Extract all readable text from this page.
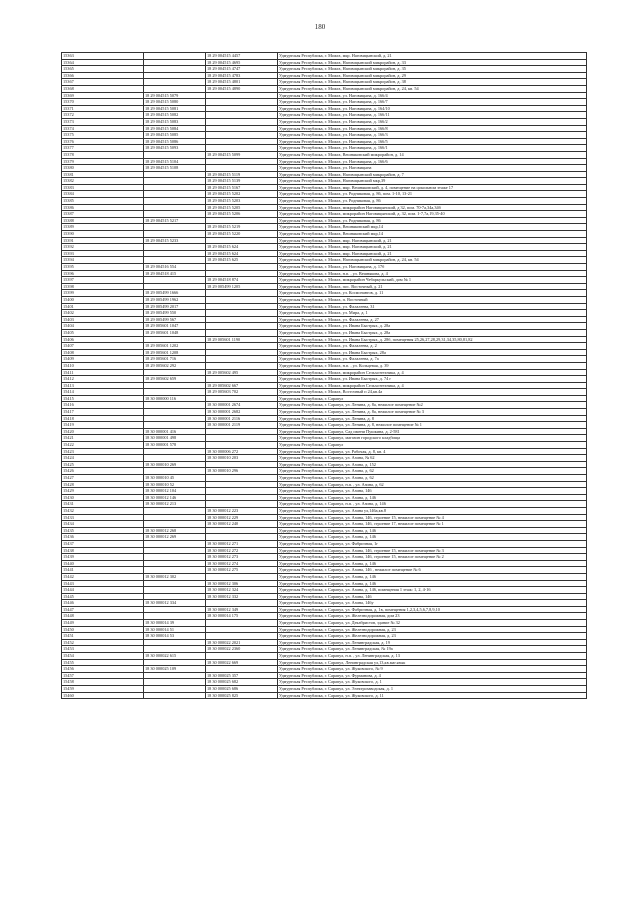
180
15363		18 29 004515 4457	Удмуртская Республика, г. Можга, мкр. Наговицынский, д. 21
15364		18 29 004515 4695	Удмуртская Республика, г. Можга, Наговицынский микрорайон, д. 33
15365		18 29 004515 4747	Удмуртская Республика, г. Можга, Наговицынский микрорайон, д. 35
15366		18 29 004515 4783	Удмуртская Республика, г. Можга, Наговицынский микрорайон, д. 29
15367		18 29 004515 4801	Удмуртская Республика, г. Можга, Наговицынский микрорайон, д. 38
15368		18 29 004515 4890	Удмуртская Республика, г. Можга, Наговицынский микрорайон, д. 24, кв. 54
15369	18 29 004515 5079		Удмуртская Республика, г. Можга, ул. Наговицына, д. 166/4
15370	18 29 004515 5080		Удмуртская Республика, г. Можга, ул. Наговицына, д. 166/7
15371	18 29 004515 5081		Удмуртская Республика, г. Можга, ул. Наговицына, д. 164/10
15372	18 29 004515 5082		Удмуртская Республика, г. Можга, ул. Наговицына, д. 166/11
15373	18 29 004515 5083		Удмуртская Республика, г. Можга, ул. Наговицына, д. 166/2
15374	18 29 004515 5084		Удмуртская Республика, г. Можга, ул. Наговицына, д. 166/8
15375	18 29 004515 5085		Удмуртская Республика, г. Можга, ул. Наговицына, д. 166/3
15376	18 29 004515 5086		Удмуртская Республика, г. Можга, ул. Наговицына, д. 166/5
15377	18 29 004515 5093		Удмуртская Республика, г. Можга, ул. Наговицына, д. 166/1
15378		18 29 004515 5099	Удмуртская Республика, г. Можга, Вешняковский микрорайон, д. 14
15379	18 29 004515 5104		Удмуртская Республика, г. Можга, ул. Наговицына, д. 166/6
15380	18 29 004515 5108		Удмуртская Республика, г. Можга, ул. Наговицына
15381		18 29 004515 5119	Удмуртская Республика, г. Можга, Наговицынский микрорайон, д. 7
15382		18 29 004515 5139	Удмуртская Республика, г. Можга, Наговицынский мкр,39
15383		18 29 004515 5167	Удмуртская Республика, г. Можга, мкр. Вешняковский, д. 4, помещение на цокольном этаже 17
15384		18 29 004515 5202	Удмуртская Республика, г. Можга, ул. Родниковая, д. 86, пом. 1-10, 13-21
15385		18 29 004515 5203	Удмуртская Республика, г. Можга, ул. Родниковая, д. 86
15386		18 29 004515 5205	Удмуртская Республика, г. Можга, микрорайон Наговицынский, д 32, пом. 70-7а,34а,34б
15387		18 29 004515 5206	Удмуртская Республика, г. Можга, микрорайон Наговицынский, д. 32, пом. 1-7,7а,19,35-40
15388	18 29 004515 5217		Удмуртская Республика, г. Можга, ул. Родниковая, д. 86
15389		18 29 004515 5219	Удмуртская Республика, г. Можга, Вешняковский мкр,14
15390		18 29 004515 5220	Удмуртская Республика, г. Можга, Вешняковский мкр,14
15391	18 29 004515 5233		Удмуртская Республика, г. Можга, мкр. Наговицынский, д. 21
15392		18 29 004515 624	Удмуртская Республика, г. Можга, мкр. Наговицынский, д. 21
15393		18 29 004515 624	Удмуртская Республика, г. Можга, мкр. Наговицынский, д. 21
15394		18 29 004515 625	Удмуртская Республика, г. Можга, Наговицынский микрорайон, д. 24, кв. 54
15395	18 29 004516 554		Удмуртская Республика, г. Можга, ул. Наговицына, д. 17б
15396	18 29 004518 415		Удмуртская Республика, г. Можга, н.п. , ул. Вешнякова, д. 4
15397		18 29 004518 874	Удмуртская Республика, г. Можга, микрорайон Чебаркульский, дом № 1
15398		18 29 005499 1205	Удмуртская Республика, г. Можга, пос. Восточный, д. 21
15399	18 29 005499 1666		Удмуртская Республика, г. Можга, ул. Космонавтов, д. 11
15400	18 29 005499 1962		Удмуртская Республика, г. Можга, п. Восточный
15401	18 29 005499 2017		Удмуртская Республика, г. Можга, ул. Фалалеева, 31
15402	18 29 005499 550		Удмуртская Республика, г. Можга, ул. Мира, д. 1
15403	18 29 005499 567		Удмуртская Республика, г. Можга, ул. Фалалеева, д. 27
15404	18 29 005601 1047		Удмуртская Республика, г. Можга, ул. Ивана Быстрых, д. 28а
15405	18 29 005601 1048		Удмуртская Республика, г. Можга, ул. Ивана Быстрых, д. 28а
15406		18 29 005601 1190	Удмуртская Республика, г. Можга, ул. Ивана Быстрых, д. 28б, помещения 25,26,27,28,29,31,34,35,80,81,82
15407	18 29 005601 1202		Удмуртская Республика, г. Можга, ул. Фалалеева, д. 2
15408	18 29 005601 1208		Удмуртская Республика, г. Можга, ул. Ивана Быстрых, 28а
15409	18 29 005601 716		Удмуртская Республика, г. Можга, ул. Фалалеева, д. 7а
15410	18 29 005602 292		Удмуртская Республика, г. Можга, н.п. , ул. Кольцевая, д. 39
15411		18 29 005602 495	Удмуртская Республика, г. Можга, микрорайон Сельхозтехника, д. 4
15412	18 29 005602 659		Удмуртская Республика, г. Можга, ул. Ивана Быстрых, д. 74 г
15413		18 29 005602 667	Удмуртская Республика, г. Можга, микрорайон Сельхозтехника, д. 4
15414		18 29 005603 702	Удмуртская Республика, г. Можга, Восточный п 24,кв.4а
15415	18 30 000000 116		Удмуртская Республика, г. Сарапул
15416		18 30 000001 2674	Удмуртская Республика, г. Сарапул, ул. Ленина, д. 8а, нежилое помещение №2
15417		18 30 000001 2682	Удмуртская Республика, г. Сарапул, ул. Ленина, д. 8а, нежилое помещение № 3
15418		18 30 000001 2116	Удмуртская Республика, г. Сарапул, ул. Ленина, д. 8
15419		18 30 000001 2119	Удмуртская Республика, г. Сарапул, ул. Ленина, д. 8, нежилое помещение № 1
15420	18 30 000001 416		Удмуртская Республика, г. Сарапул, Сад имени Пушкина, д. 2-581
15421	18 30 000001 498		Удмуртская Республика, г. Сарапул, магазин городского кладбища
15422	18 30 000001 578		Удмуртская Республика, г. Сарапул
15423		18 30 000006 272	Удмуртская Республика, г. Сарапул, ул. Рабочая, д. 8, кв. 4
15424		18 30 000010 203	Удмуртская Республика, г. Сарапул, ул. Азина, № 62
15425	18 30 000010 269		Удмуртская Республика, г. Сарапул, ул. Азина, д. 152
15426		18 30 000010 296	Удмуртская Республика, г. Сарапул, ул. Азина, д. 62
15427	18 30 000010 45		Удмуртская Республика, г. Сарапул, ул. Азина, д. 62
15428	18 30 000010 52		Удмуртская Республика, г. Сарапул, н.п. , ул. Азина, д. 62
15429	18 30 000012 104		Удмуртская Республика, г. Сарапул, ул. Азина, 146
15430	18 30 000012 146		Удмуртская Республика, г. Сарапул, ул. Азина, д. 146
15431	18 30 000012 213		Удмуртская Республика, г. Сарапул, н.п. , ул. Азина, д. 146
15432		18 30 000012 223	Удмуртская Республика, г. Сарапул, ул. Азина ул,146а,кв.8
15433		18 30 000012 229	Удмуртская Республика, г. Сарапул, ул. Азина, 146, строение 15, нежилое помещение № 4
15434		18 30 000012 240	Удмуртская Республика, г. Сарапул, ул. Азина, 146, строение 17, нежилое помещение № 1
15435	18 30 000012 268		Удмуртская Республика, г. Сарапул, ул. Азина, д. 146
15436	18 30 000012 269		Удмуртская Республика, г. Сарапул, ул. Азина, д. 146
15437		18 30 000012 271	Удмуртская Республика, г. Сарапул, ул. Фабричная, 1г
15438		18 30 000012 272	Удмуртская Республика, г. Сарапул, ул. Азина, 146, строение 15, нежилое помещение № 3
15439		18 30 000012 273	Удмуртская Республика, г. Сарапул, ул. Азина, 146, строение 15, нежилое помещение № 2
15440		18 30 000012 274	Удмуртская Республика, г. Сарапул, ул. Азина, д. 146
15441		18 30 000012 275	Удмуртская Республика, г. Сарапул, ул. Азина, 146 , нежилое помещение № 6
15442	18 30 000012 302		Удмуртская Республика, г. Сарапул, ул. Азина, д. 146
15443		18 30 000012 306	Удмуртская Республика, г. Сарапул, ул. Азина, д. 146
15444		18 30 000012 324	Удмуртская Республика, г. Сарапул, ул. Азина, д. 146, помещения 1 этаж: 1, 2, 4-16
15445		18 30 000012 332	Удмуртская Республика, г. Сарапул, ул. Азина, 146
15446	18 30 000012 334		Удмуртская Республика, г. Сарапул, ул. Азина, 146у
15447		18 30 000012 349	Удмуртская Республика, г. Сарапул, ул. Фабричная, д. 1в, помещения 1,2,3,4,5,6,7,8,9,10
15448		18 30 000014 175	Удмуртская Республика, г. Сарапул, ул. Железнодорожная, дом 23
15449	18 30 000014 39		Удмуртская Республика, г. Сарапул, ул. Декабристов, здание № 32
15450	18 30 000014 51		Удмуртская Республика, г. Сарапул, ул. Железнодорожная, д. 23
15451	18 30 000014 53		Удмуртская Республика, г. Сарапул, ул. Железнодорожная, д. 23
15452		18 30 000022 2021	Удмуртская Республика, г. Сарапул, ул. Ленинградская, д. 19
15453		18 30 000022 2360	Удмуртская Республика, г. Сарапул, ул. Ленинградская, № 19а
15454	18 30 000022 615		Удмуртская Республика, г. Сарапул, н.п. , ул. Ленинградская, д. 13
15455		18 30 000022 669	Удмуртская Республика, г. Сарапул, Ленинградская ул,13,кв.маг.язык
15456	18 30 000025 109		Удмуртская Республика, г. Сарапул, ул. Жуковского, № 9
15457		18 30 000025 357	Удмуртская Республика, г. Сарапул, ул. Фурманова, д. 4
15458		18 30 000025 682	Удмуртская Республика, г. Сарапул, ул. Жуковского, д. 1
15459		18 30 000025 686	Удмуртская Республика, г. Сарапул, ул. Электрозаводская, д. 1
15460		18 30 000025 825	Удмуртская Республика, г. Сарапул, ул. Жуковского, д. 11
